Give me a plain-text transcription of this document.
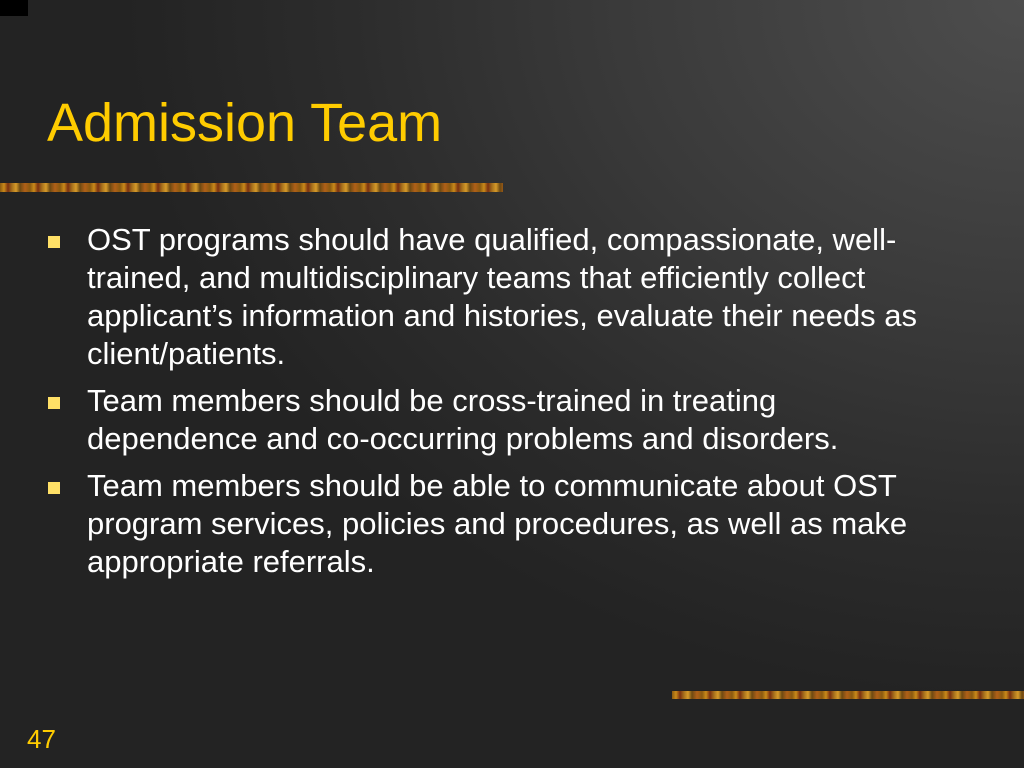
Admission Team
OST programs should have qualified, compassionate, well-trained, and multidisciplinary teams that efficiently collect applicant’s information and histories, evaluate their needs as client/patients.
Team members should be cross-trained in treating dependence and co-occurring problems and disorders.
Team members should be able to communicate about OST program services, policies and procedures, as well as make appropriate referrals.
47
